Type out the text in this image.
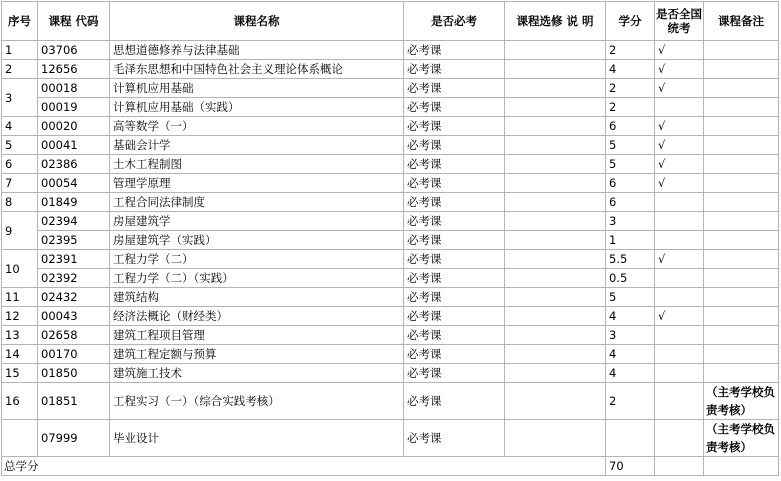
序号	课程 代码	课程名称	是否必考	课程选修 说 明	学分	是否全国统考	课程备注
1	03706	思想道德修养与法律基础	必考课		2	√	
2	12656	毛泽东思想和中国特色社会主义理论体系概论	必考课		4	√	
3	00018	计算机应用基础	必考课		2	√	
	00019	计算机应用基础（实践）	必考课		2		
4	00020	高等数学（一）	必考课		6	√	
5	00041	基础会计学	必考课		5	√	
6	02386	土木工程制图	必考课		5	√	
7	00054	管理学原理	必考课		6	√	
8	01849	工程合同法律制度	必考课		6		
9	02394	房屋建筑学	必考课		3		
	02395	房屋建筑学（实践）	必考课		1		
10	02391	工程力学（二）	必考课		5.5	√	
	02392	工程力学（二）（实践）	必考课		0.5		
11	02432	建筑结构	必考课		5		
12	00043	经济法概论（财经类）	必考课		4	√	
13	02658	建筑工程项目管理	必考课		3		
14	00170	建筑工程定额与预算	必考课		4		
15	01850	建筑施工技术	必考课		4		
16	01851	工程实习（一）（综合实践考核）	必考课		2		（主考学校负责考核）
	07999	毕业设计	必考课				（主考学校负责考核）
总学分					70		
